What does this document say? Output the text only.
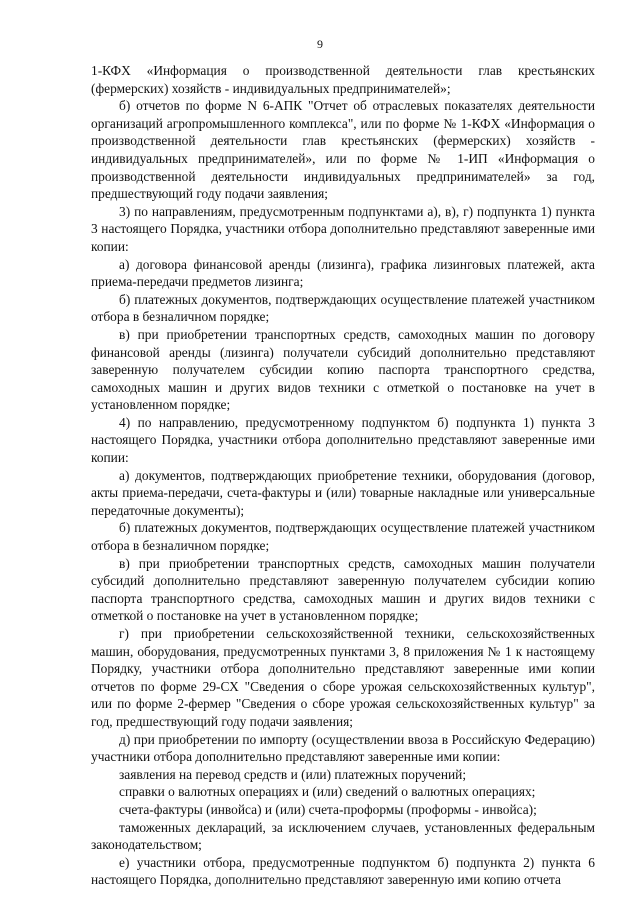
9

1-КФХ «Информация о производственной деятельности глав крестьянских (фермерских) хозяйств - индивидуальных предпринимателей»;

б) отчетов по форме N 6-АПК "Отчет об отраслевых показателях деятельности организаций агропромышленного комплекса", или по форме № 1-КФХ «Информация о производственной деятельности глав крестьянских (фермерских) хозяйств - индивидуальных предпринимателей», или по форме № 1-ИП «Информация о производственной деятельности индивидуальных предпринимателей» за год, предшествующий году подачи заявления;

3) по направлениям, предусмотренным подпунктами а), в), г) подпункта 1) пункта 3 настоящего Порядка, участники отбора дополнительно представляют заверенные ими копии:

а) договора финансовой аренды (лизинга), графика лизинговых платежей, акта приема-передачи предметов лизинга;

б) платежных документов, подтверждающих осуществление платежей участником отбора в безналичном порядке;

в) при приобретении транспортных средств, самоходных машин по договору финансовой аренды (лизинга) получатели субсидий дополнительно представляют заверенную получателем субсидии копию паспорта транспортного средства, самоходных машин и других видов техники с отметкой о постановке на учет в установленном порядке;

4) по направлению, предусмотренному подпунктом б) подпункта 1) пункта 3 настоящего Порядка, участники отбора дополнительно представляют заверенные ими копии:

а) документов, подтверждающих приобретение техники, оборудования (договор, акты приема-передачи, счета-фактуры и (или) товарные накладные или универсальные передаточные документы);

б) платежных документов, подтверждающих осуществление платежей участником отбора в безналичном порядке;

в) при приобретении транспортных средств, самоходных машин получатели субсидий дополнительно представляют заверенную получателем субсидии копию паспорта транспортного средства, самоходных машин и других видов техники с отметкой о постановке на учет в установленном порядке;

г) при приобретении сельскохозяйственной техники, сельскохозяйственных машин, оборудования, предусмотренных пунктами 3, 8 приложения № 1 к настоящему Порядку, участники отбора дополнительно представляют заверенные ими копии отчетов по форме 29-СХ "Сведения о сборе урожая сельскохозяйственных культур", или по форме 2-фермер "Сведения о сборе урожая сельскохозяйственных культур" за год, предшествующий году подачи заявления;

д) при приобретении по импорту (осуществлении ввоза в Российскую Федерацию) участники отбора дополнительно представляют заверенные ими копии:

заявления на перевод средств и (или) платежных поручений;

справки о валютных операциях и (или) сведений о валютных операциях;

счета-фактуры (инвойса) и (или) счета-проформы (проформы - инвойса);

таможенных деклараций, за исключением случаев, установленных федеральным законодательством;

е) участники отбора, предусмотренные подпунктом б) подпункта 2) пункта 6 настоящего Порядка, дополнительно представляют заверенную ими копию отчета
